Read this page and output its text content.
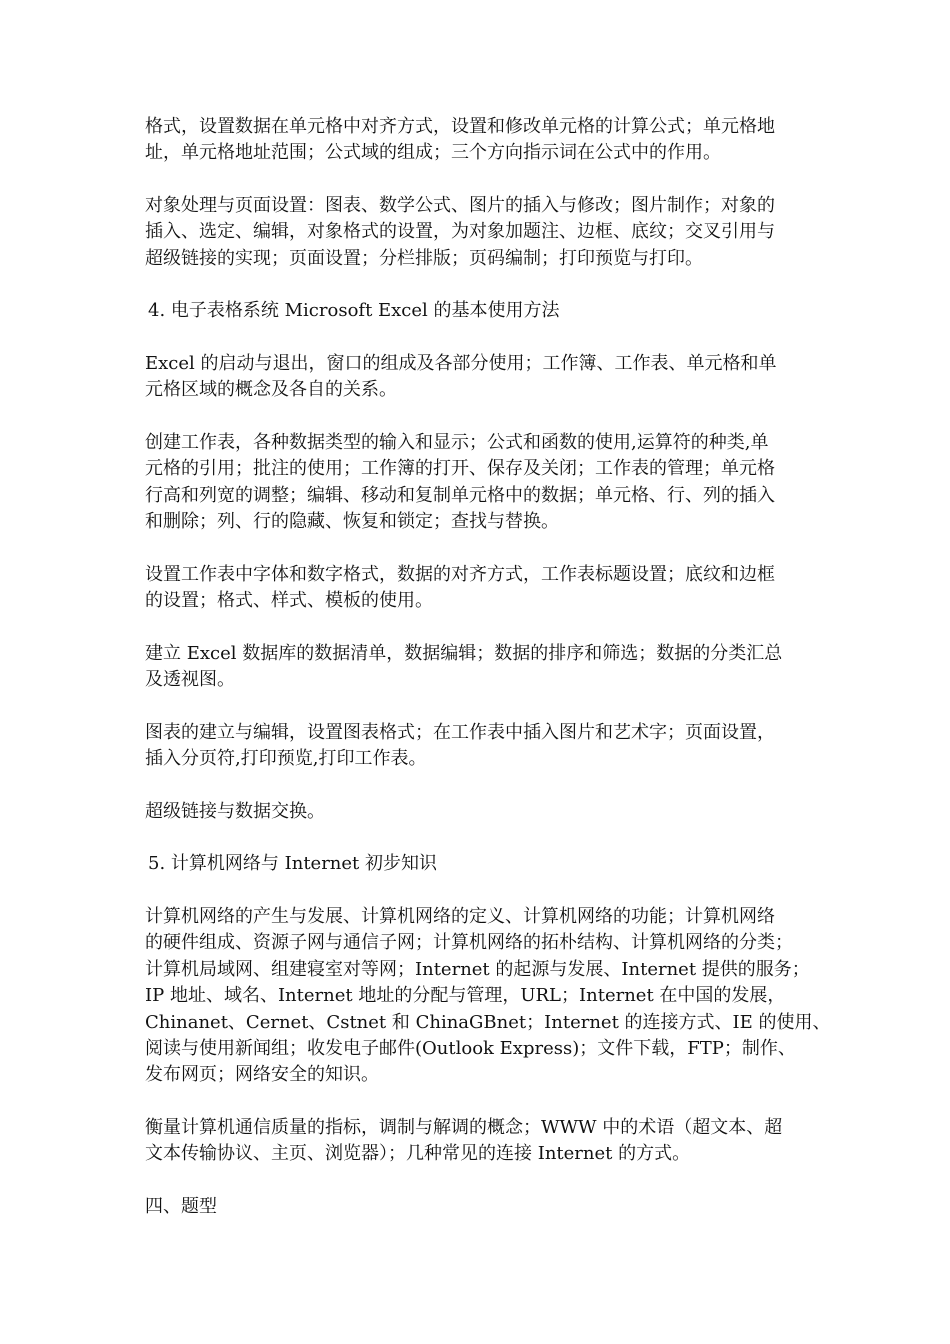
格式，设置数据在单元格中对齐方式，设置和修改单元格的计算公式；单元格地
址，单元格地址范围；公式域的组成；三个方向指示词在公式中的作用。
对象处理与页面设置：图表、数学公式、图片的插入与修改；图片制作；对象的
插入、选定、编辑，对象格式的设置，为对象加题注、边框、底纹；交叉引用与
超级链接的实现；页面设置；分栏排版；页码编制；打印预览与打印。
4. 电子表格系统 Microsoft Excel 的基本使用方法
Excel 的启动与退出，窗口的组成及各部分使用；工作簿、工作表、单元格和单
元格区域的概念及各自的关系。
创建工作表，各种数据类型的输入和显示；公式和函数的使用,运算符的种类,单
元格的引用；批注的使用；工作簿的打开、保存及关闭；工作表的管理；单元格
行高和列宽的调整；编辑、移动和复制单元格中的数据；单元格、行、列的插入
和删除；列、行的隐藏、恢复和锁定；查找与替换。
设置工作表中字体和数字格式，数据的对齐方式，工作表标题设置；底纹和边框
的设置；格式、样式、模板的使用。
建立 Excel 数据库的数据清单，数据编辑；数据的排序和筛选；数据的分类汇总
及透视图。
图表的建立与编辑，设置图表格式；在工作表中插入图片和艺术字；页面设置，
插入分页符,打印预览,打印工作表。
超级链接与数据交换。
5. 计算机网络与 Internet 初步知识
计算机网络的产生与发展、计算机网络的定义、计算机网络的功能；计算机网络
的硬件组成、资源子网与通信子网；计算机网络的拓朴结构、计算机网络的分类；
计算机局域网、组建寝室对等网；Internet 的起源与发展、Internet 提供的服务；
IP 地址、域名、Internet 地址的分配与管理，URL；Internet 在中国的发展，
Chinanet、Cernet、Cstnet 和 ChinaGBnet；Internet 的连接方式、IE 的使用、
阅读与使用新闻组；收发电子邮件(Outlook Express)；文件下载，FTP；制作、
发布网页；网络安全的知识。
衡量计算机通信质量的指标，调制与解调的概念；WWW 中的术语（超文本、超
文本传输协议、主页、浏览器）；几种常见的连接 Internet 的方式。
四、题型
